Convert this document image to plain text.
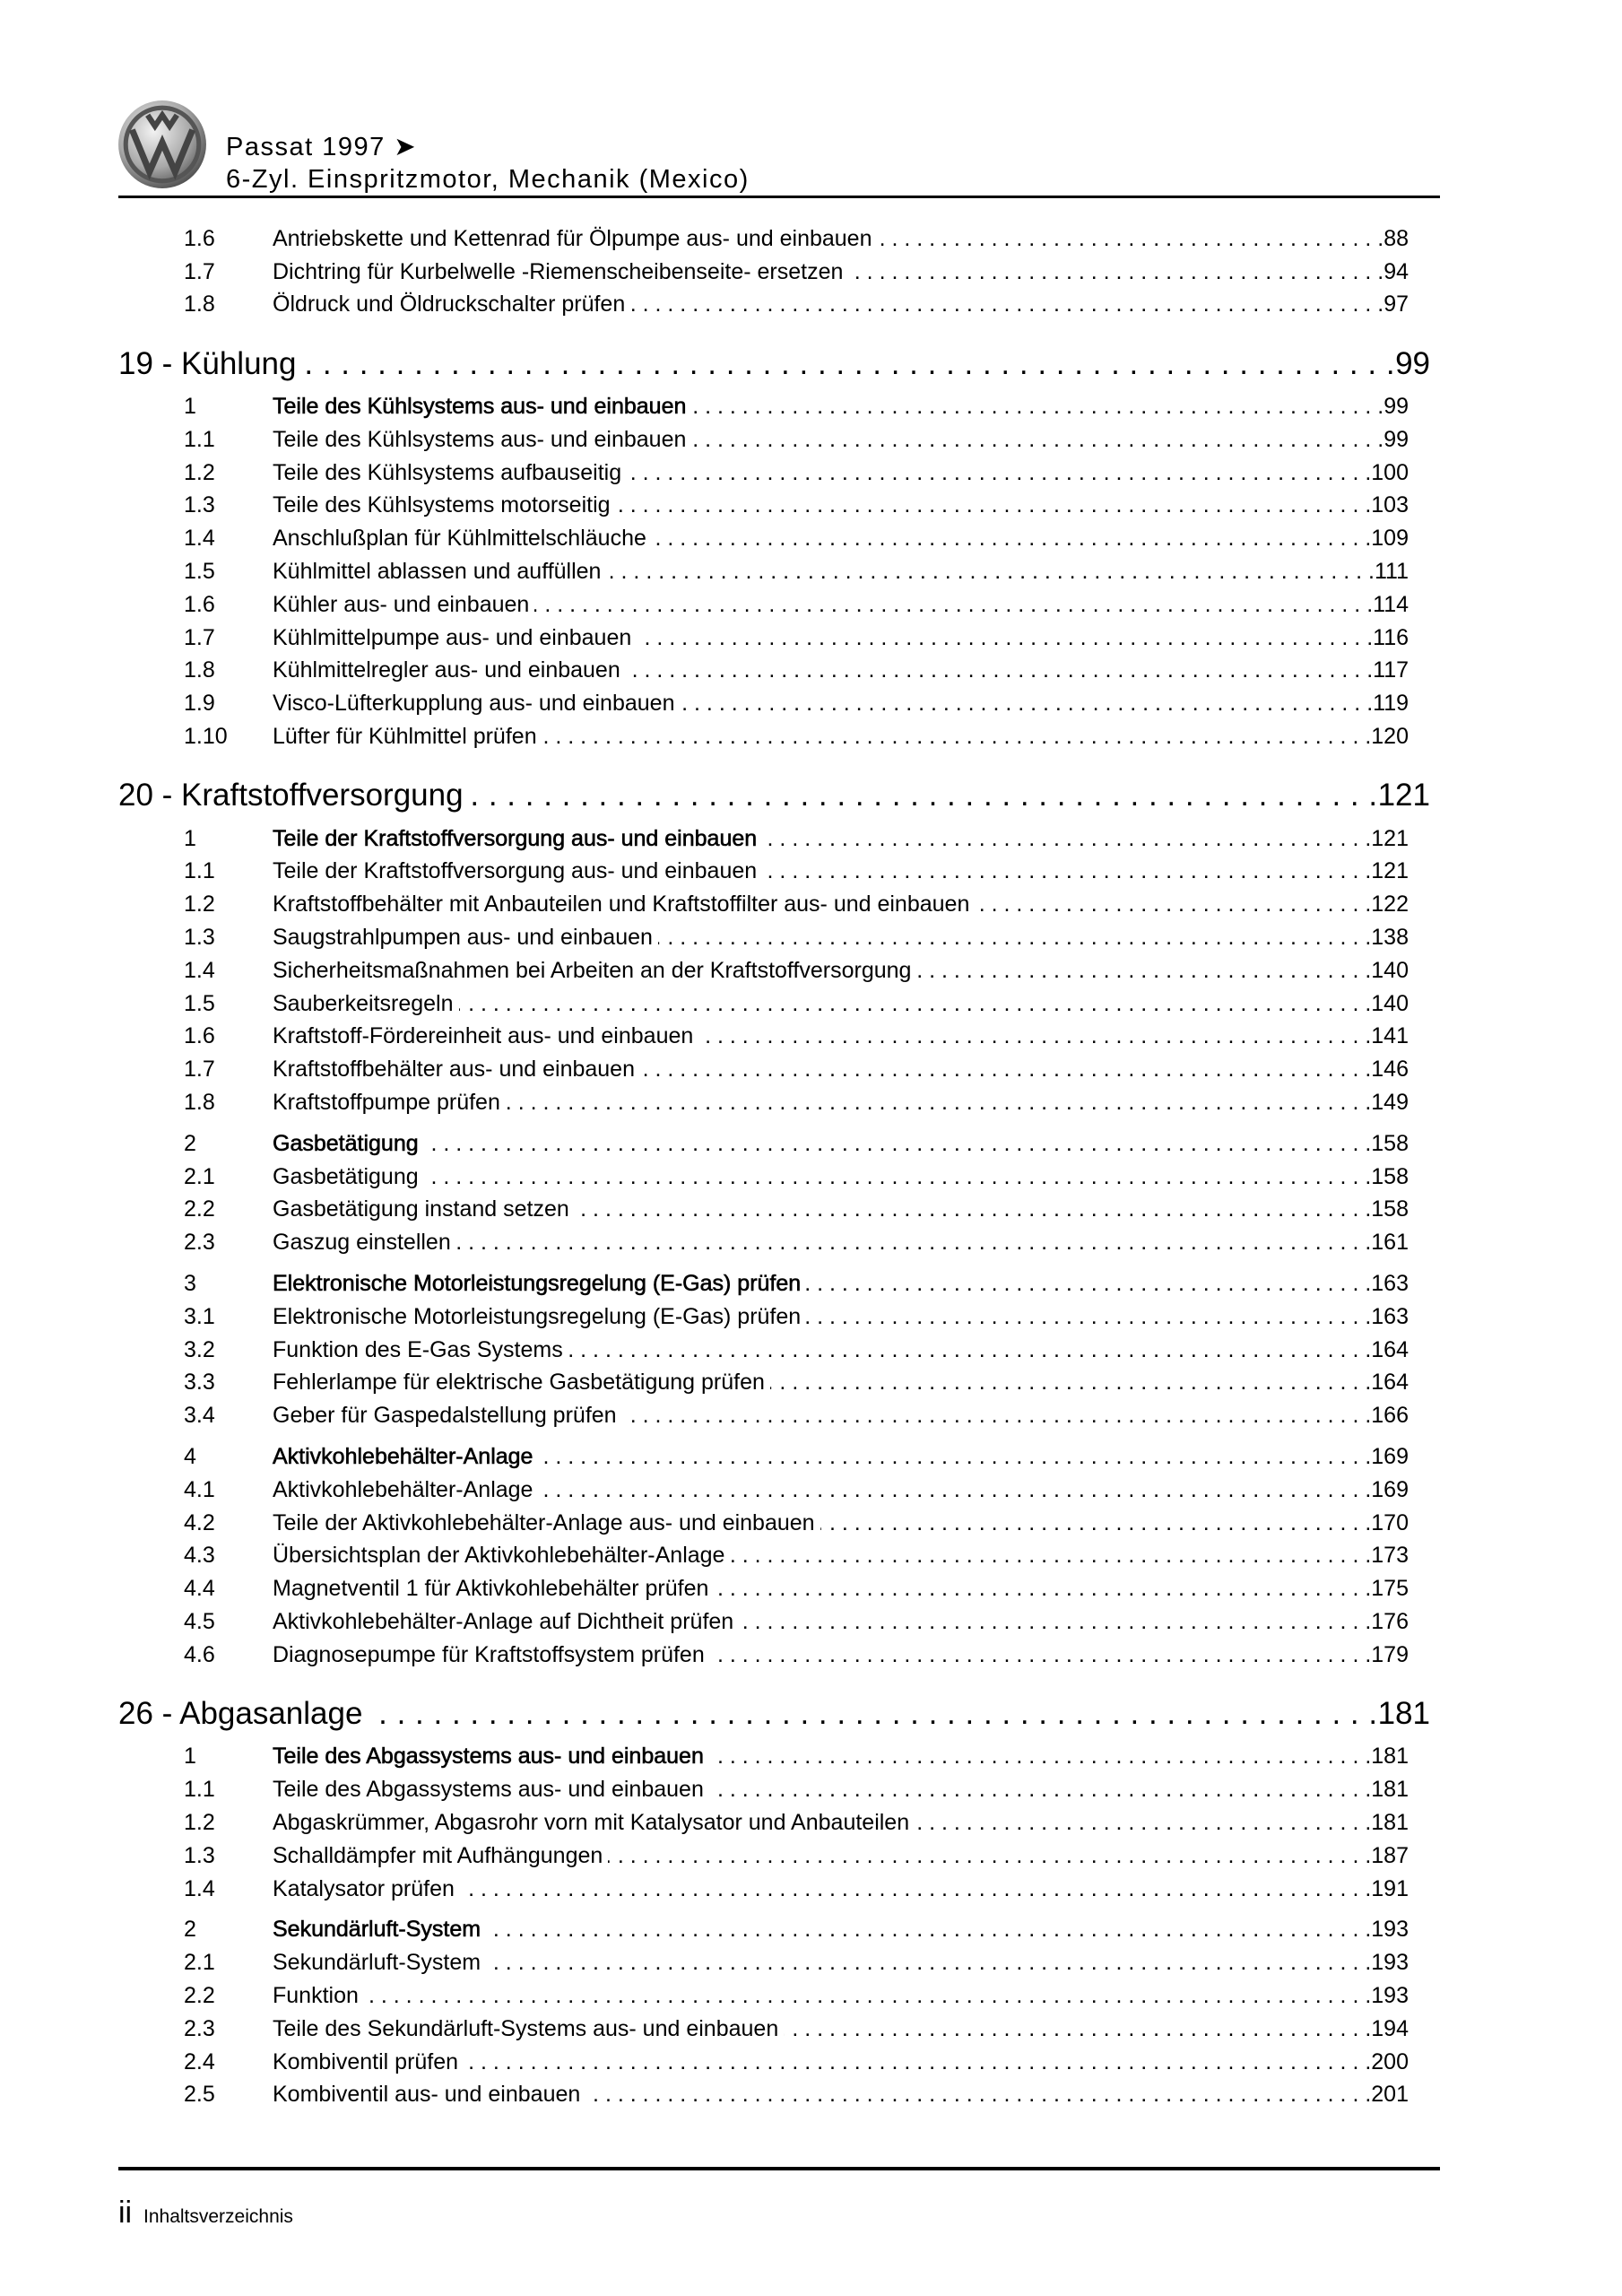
Passat 1997 ➤
6-Zyl. Einspritzmotor, Mechanik (Mexico)
1.6	Antriebskette und Kettenrad für Ölpumpe aus- und einbauen . . .	88
1.7	Dichtring für Kurbelwelle -Riemenscheibenseite- ersetzen . . .	94
1.8	Öldruck und Öldruckschalter prüfen . . .	97
19 - Kühlung . . .	99
1	Teile des Kühlsystems aus- und einbauen . . .	99
1.1	Teile des Kühlsystems aus- und einbauen . . .	99
1.2	Teile des Kühlsystems aufbauseitig . . .	100
1.3	Teile des Kühlsystems motorseitig . . .	103
1.4	Anschlußplan für Kühlmittelschläuche . . .	109
1.5	Kühlmittel ablassen und auffüllen . . .	111
1.6	Kühler aus- und einbauen . . .	114
1.7	Kühlmittelpumpe aus- und einbauen . . .	116
1.8	Kühlmittelregler aus- und einbauen . . .	117
1.9	Visco-Lüfterkupplung aus- und einbauen . . .	119
1.10	Lüfter für Kühlmittel prüfen . . .	120
20 - Kraftstoffversorgung . . .	121
1	Teile der Kraftstoffversorgung aus- und einbauen . . .	121
1.1	Teile der Kraftstoffversorgung aus- und einbauen . . .	121
1.2	Kraftstoffbehälter mit Anbauteilen und Kraftstoffilter aus- und einbauen . . .	122
1.3	Saugstrahlpumpen aus- und einbauen . . .	138
1.4	Sicherheitsmaßnahmen bei Arbeiten an der Kraftstoffversorgung . . .	140
1.5	Sauberkeitsregeln . . .	140
1.6	Kraftstoff-Fördereinheit aus- und einbauen . . .	141
1.7	Kraftstoffbehälter aus- und einbauen . . .	146
1.8	Kraftstoffpumpe prüfen . . .	149
2	Gasbetätigung . . .	158
2.1	Gasbetätigung . . .	158
2.2	Gasbetätigung instand setzen . . .	158
2.3	Gaszug einstellen . . .	161
3	Elektronische Motorleistungsregelung (E-Gas) prüfen . . .	163
3.1	Elektronische Motorleistungsregelung (E-Gas) prüfen . . .	163
3.2	Funktion des E-Gas Systems . . .	164
3.3	Fehlerlampe für elektrische Gasbetätigung prüfen . . .	164
3.4	Geber für Gaspedalstellung prüfen . . .	166
4	Aktivkohlebehälter-Anlage . . .	169
4.1	Aktivkohlebehälter-Anlage . . .	169
4.2	Teile der Aktivkohlebehälter-Anlage aus- und einbauen . . .	170
4.3	Übersichtsplan der Aktivkohlebehälter-Anlage . . .	173
4.4	Magnetventil 1 für Aktivkohlebehälter prüfen . . .	175
4.5	Aktivkohlebehälter-Anlage auf Dichtheit prüfen . . .	176
4.6	Diagnosepumpe für Kraftstoffsystem prüfen . . .	179
26 - Abgasanlage . . .	181
1	Teile des Abgassystems aus- und einbauen . . .	181
1.1	Teile des Abgassystems aus- und einbauen . . .	181
1.2	Abgaskrümmer, Abgasrohr vorn mit Katalysator und Anbauteilen . . .	181
1.3	Schalldämpfer mit Aufhängungen . . .	187
1.4	Katalysator prüfen . . .	191
2	Sekundärluft-System . . .	193
2.1	Sekundärluft-System . . .	193
2.2	Funktion . . .	193
2.3	Teile des Sekundärluft-Systems aus- und einbauen . . .	194
2.4	Kombiventil prüfen . . .	200
2.5	Kombiventil aus- und einbauen . . .	201
ii Inhaltsverzeichnis
